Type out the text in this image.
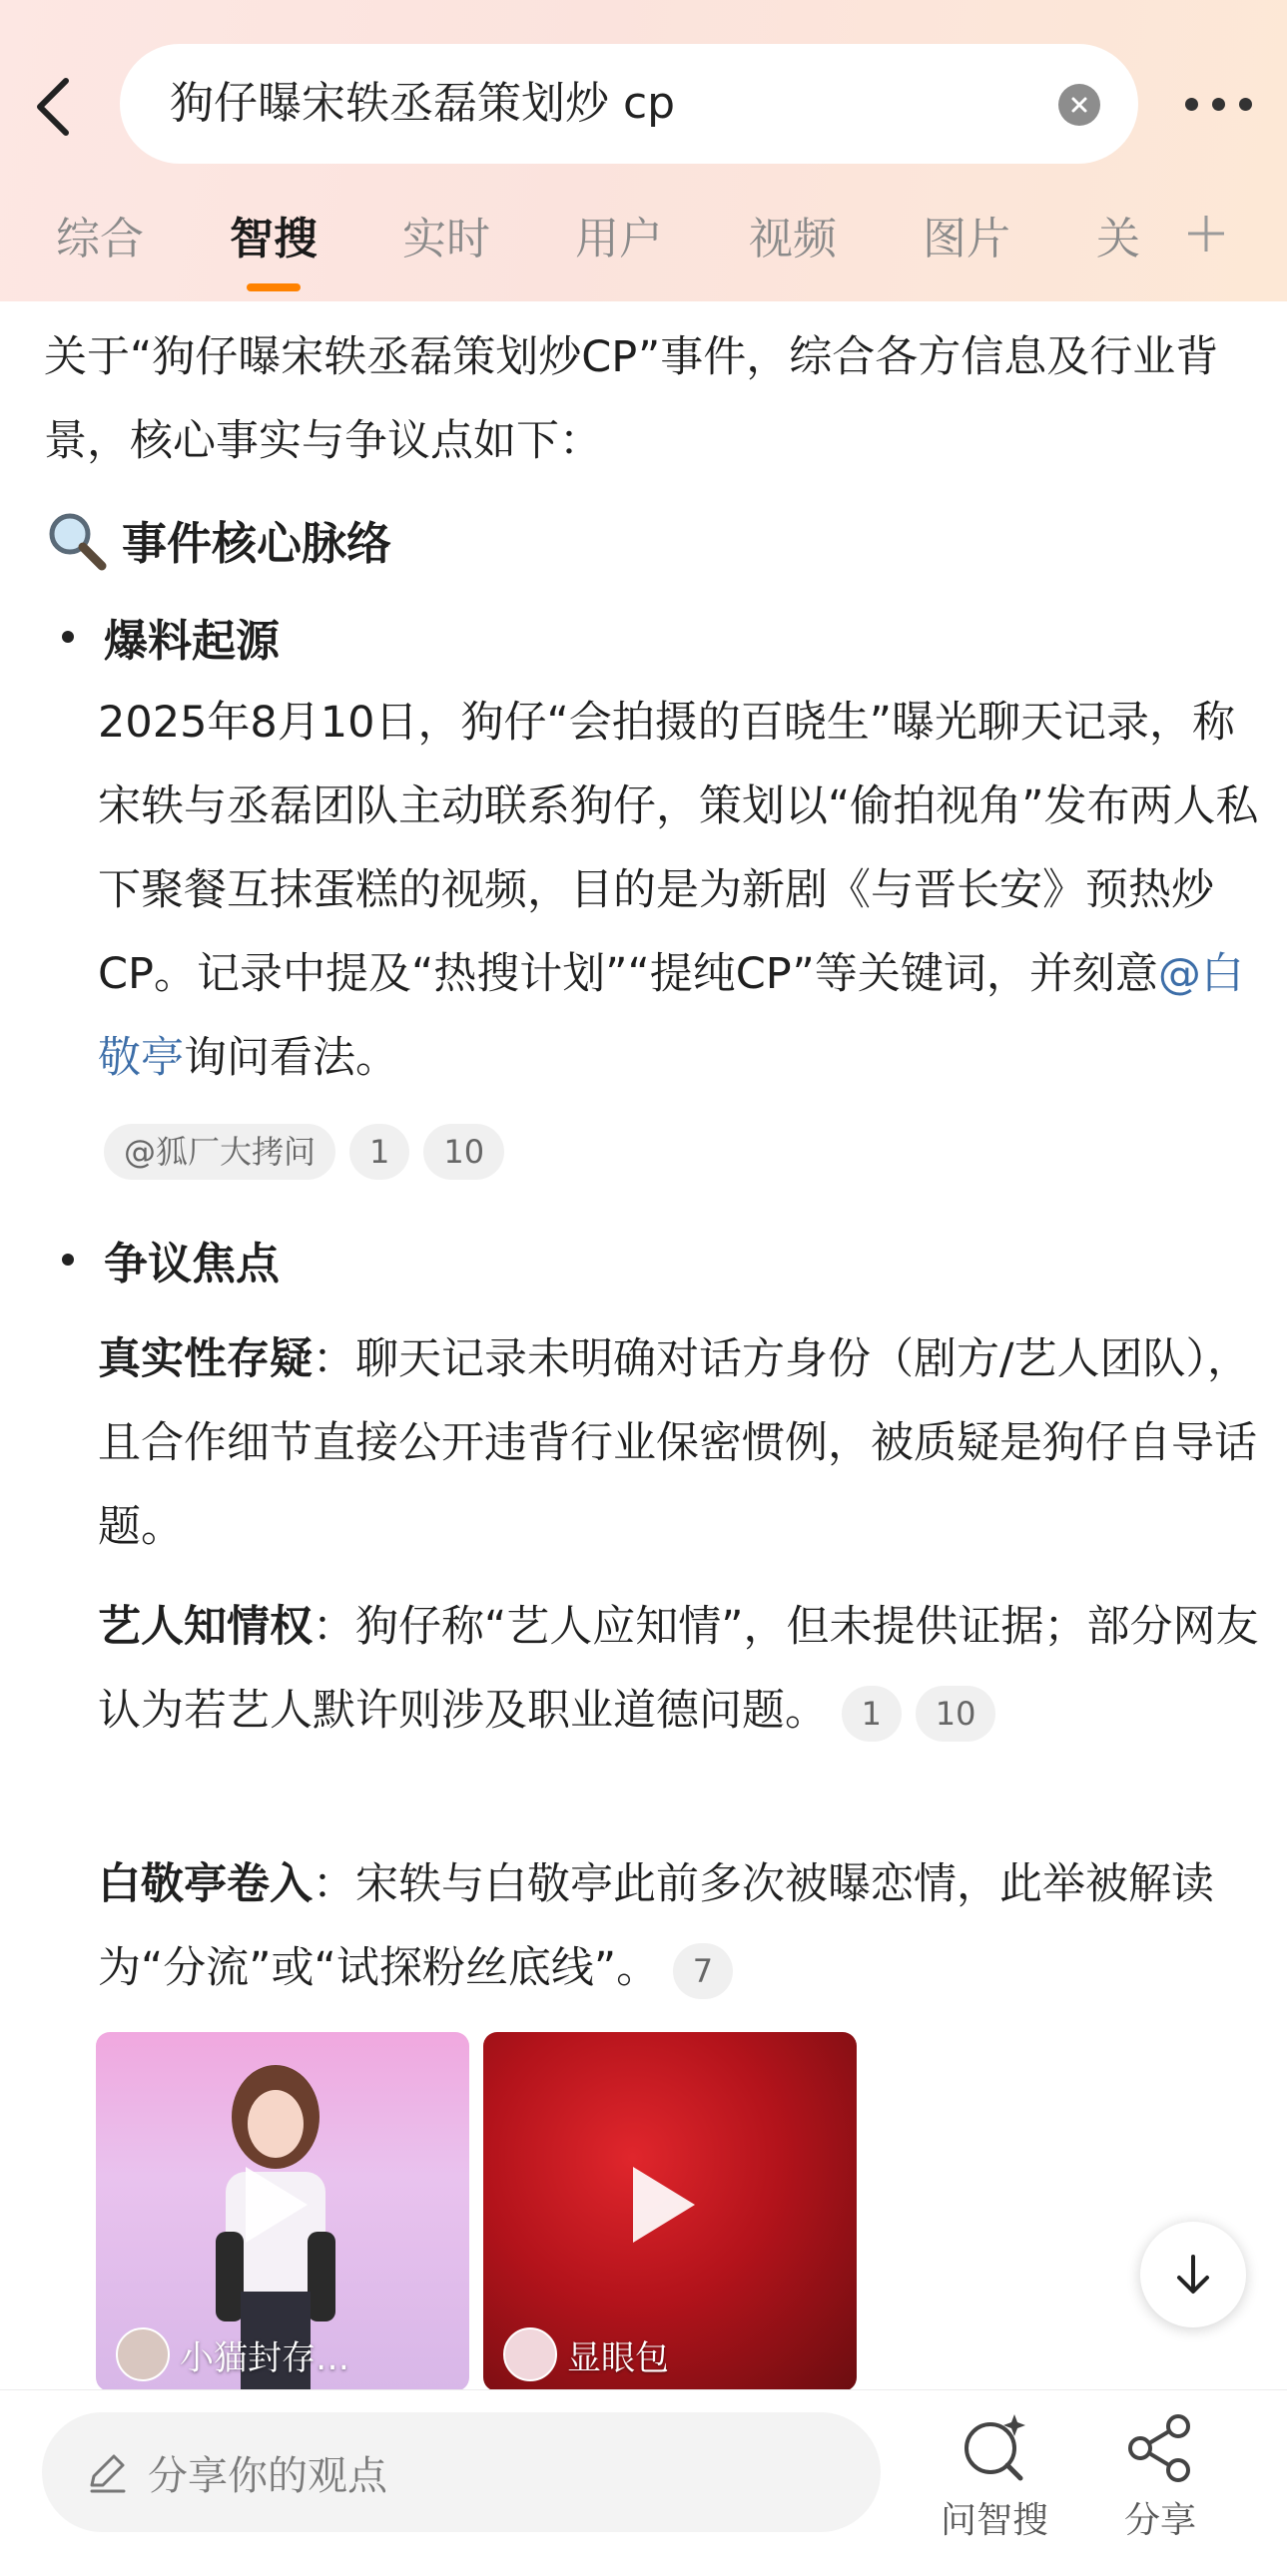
狗仔曝宋轶丞磊策划炒 cp
综合 智搜 实时 用户 视频 图片 关

关于“狗仔曝宋轶丞磊策划炒CP”事件，综合各方信息及行业背景，核心事实与争议点如下：

事件核心脉络
爆料起源

2025年8月10日，狗仔“会拍摄的百晓生”曝光聊天记录，称宋轶与丞磊团队主动联系狗仔，策划以“偷拍视角”发布两人私下聚餐互抹蛋糕的视频，目的是为新剧《与晋长安》预热炒CP。记录中提及“热搜计划”“提纯CP”等关键词，并刻意@白敬亭询问看法。

@狐厂大拷问	1	10
争议焦点

真实性存疑：聊天记录未明确对话方身份（剧方/艺人团队），且合作细节直接公开违背行业保密惯例，被质疑是狗仔自导话题。

艺人知情权：狗仔称“艺人应知情”，但未提供证据；部分网友认为若艺人默许则涉及职业道德问题。 1 10

白敬亭卷入：宋轶与白敬亭此前多次被曝恋情，此举被解读为“分流”或“试探粉丝底线”。 7

小猫封存…	显眼包
分享你的观点
问智搜 分享
